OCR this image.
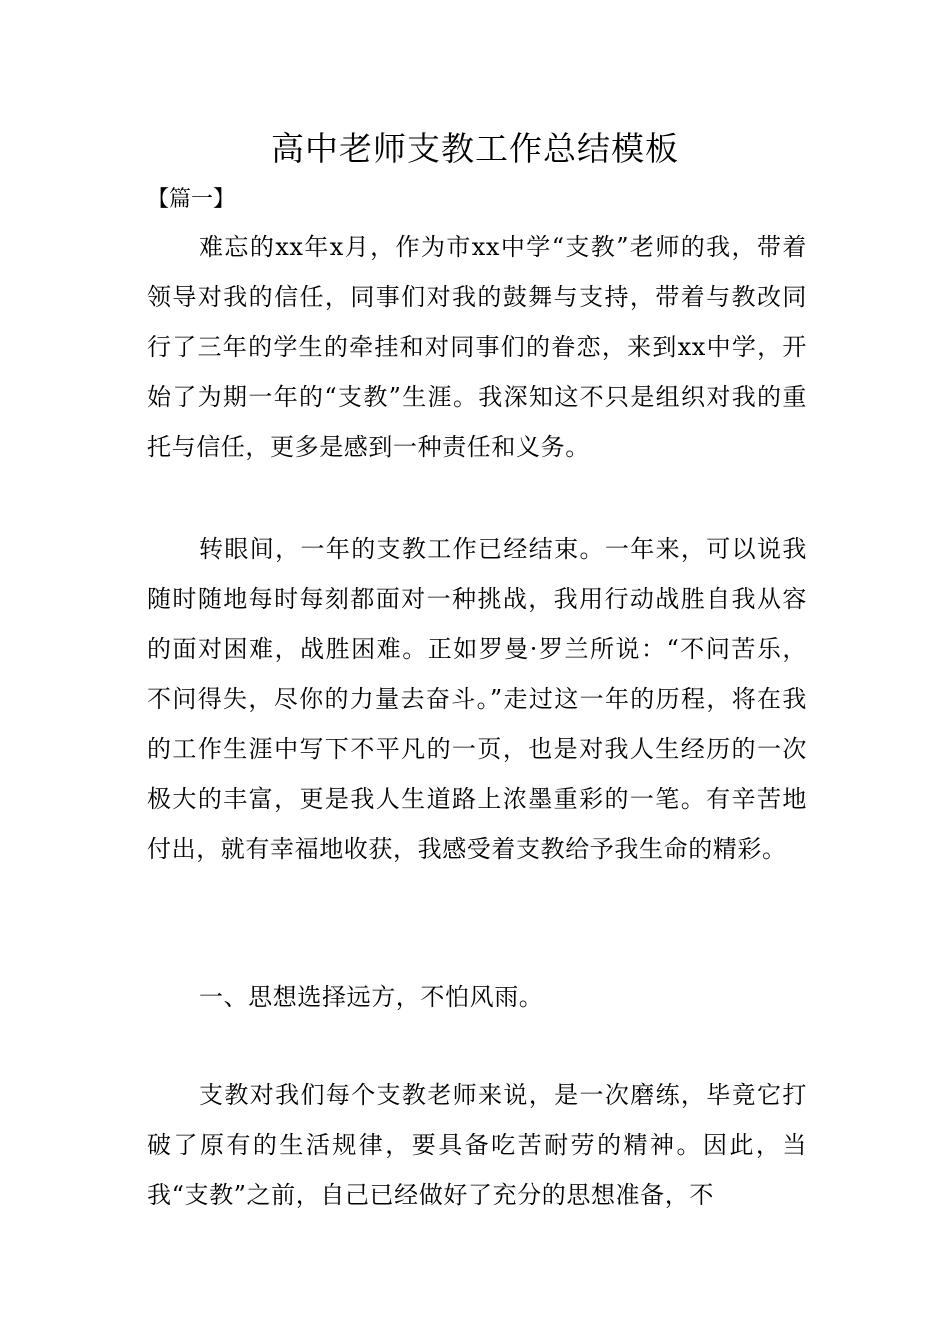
高中老师支教工作总结模板

【篇一】

难忘的xx年x月，作为市xx中学“支教”老师的我，带着领导对我的信任，同事们对我的鼓舞与支持，带着与教改同行了三年的学生的牵挂和对同事们的眷恋，来到xx中学，开始了为期一年的“支教”生涯。我深知这不只是组织对我的重托与信任，更多是感到一种责任和义务。

转眼间，一年的支教工作已经结束。一年来，可以说我随时随地每时每刻都面对一种挑战，我用行动战胜自我从容的面对困难，战胜困难。正如罗曼·罗兰所说：“不问苦乐，不问得失，尽你的力量去奋斗。”走过这一年的历程，将在我的工作生涯中写下不平凡的一页，也是对我人生经历的一次极大的丰富，更是我人生道路上浓墨重彩的一笔。有辛苦地付出，就有幸福地收获，我感受着支教给予我生命的精彩。

一、思想选择远方，不怕风雨。

支教对我们每个支教老师来说，是一次磨练，毕竟它打破了原有的生活规律，要具备吃苦耐劳的精神。因此，当我“支教”之前，自己已经做好了充分的思想准备，不
